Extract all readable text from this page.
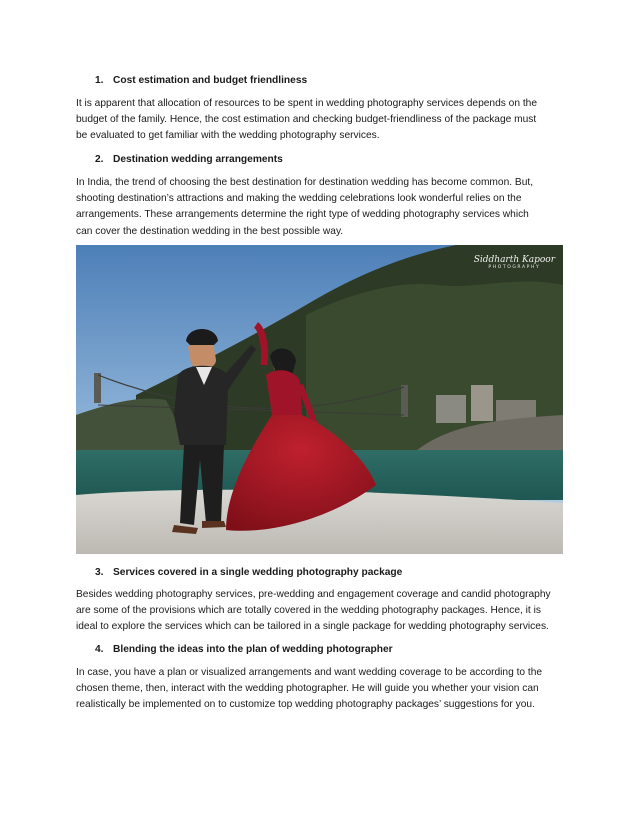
1. Cost estimation and budget friendliness
It is apparent that allocation of resources to be spent in wedding photography services depends on the
budget of the family. Hence, the cost estimation and checking budget-friendliness of the package must
be evaluated to get familiar with the wedding photography services.
2. Destination wedding arrangements
In India, the trend of choosing the best destination for destination wedding has become common. But,
shooting destination’s attractions and making the wedding celebrations look wonderful relies on the
arrangements. These arrangements determine the right type of wedding photography services which
can cover the destination wedding in the best possible way.
Siddharth Kapoor
PHOTOGRAPHY
3. Services covered in a single wedding photography package
Besides wedding photography services, pre-wedding and engagement coverage and candid photography
are some of the provisions which are totally covered in the wedding photography packages. Hence, it is
ideal to explore the services which can be tailored in a single package for wedding photography services.
4. Blending the ideas into the plan of wedding photographer
In case, you have a plan or visualized arrangements and want wedding coverage to be according to the
chosen theme, then, interact with the wedding photographer. He will guide you whether your vision can
realistically be implemented on to customize top wedding photography packages’ suggestions for you.
